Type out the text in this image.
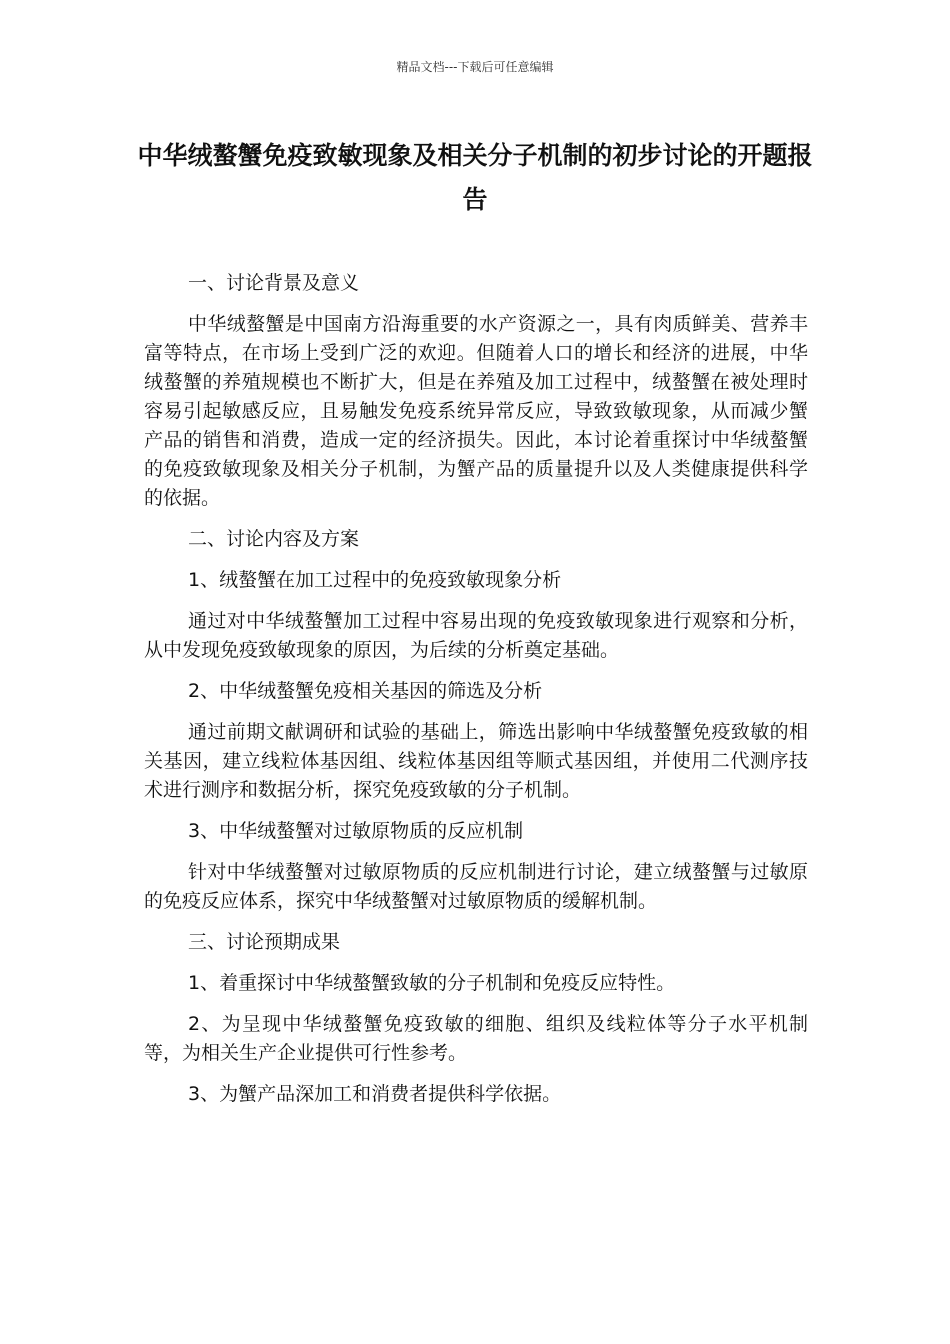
精品文档---下载后可任意编辑
中华绒螯蟹免疫致敏现象及相关分子机制的初步讨论的开题报告

一、讨论背景及意义

中华绒螯蟹是中国南方沿海重要的水产资源之一，具有肉质鲜美、营养丰富等特点，在市场上受到广泛的欢迎。但随着人口的增长和经济的进展，中华绒螯蟹的养殖规模也不断扩大，但是在养殖及加工过程中，绒螯蟹在被处理时容易引起敏感反应，且易触发免疫系统异常反应，导致致敏现象，从而减少蟹产品的销售和消费，造成一定的经济损失。因此，本讨论着重探讨中华绒螯蟹的免疫致敏现象及相关分子机制，为蟹产品的质量提升以及人类健康提供科学的依据。

二、讨论内容及方案

1、绒螯蟹在加工过程中的免疫致敏现象分析

通过对中华绒螯蟹加工过程中容易出现的免疫致敏现象进行观察和分析，从中发现免疫致敏现象的原因，为后续的分析奠定基础。

2、中华绒螯蟹免疫相关基因的筛选及分析

通过前期文献调研和试验的基础上，筛选出影响中华绒螯蟹免疫致敏的相关基因，建立线粒体基因组、线粒体基因组等顺式基因组，并使用二代测序技术进行测序和数据分析，探究免疫致敏的分子机制。

3、中华绒螯蟹对过敏原物质的反应机制

针对中华绒螯蟹对过敏原物质的反应机制进行讨论，建立绒螯蟹与过敏原的免疫反应体系，探究中华绒螯蟹对过敏原物质的缓解机制。

三、讨论预期成果

1、着重探讨中华绒螯蟹致敏的分子机制和免疫反应特性。

2、为呈现中华绒螯蟹免疫致敏的细胞、组织及线粒体等分子水平机制等，为相关生产企业提供可行性参考。

3、为蟹产品深加工和消费者提供科学依据。
